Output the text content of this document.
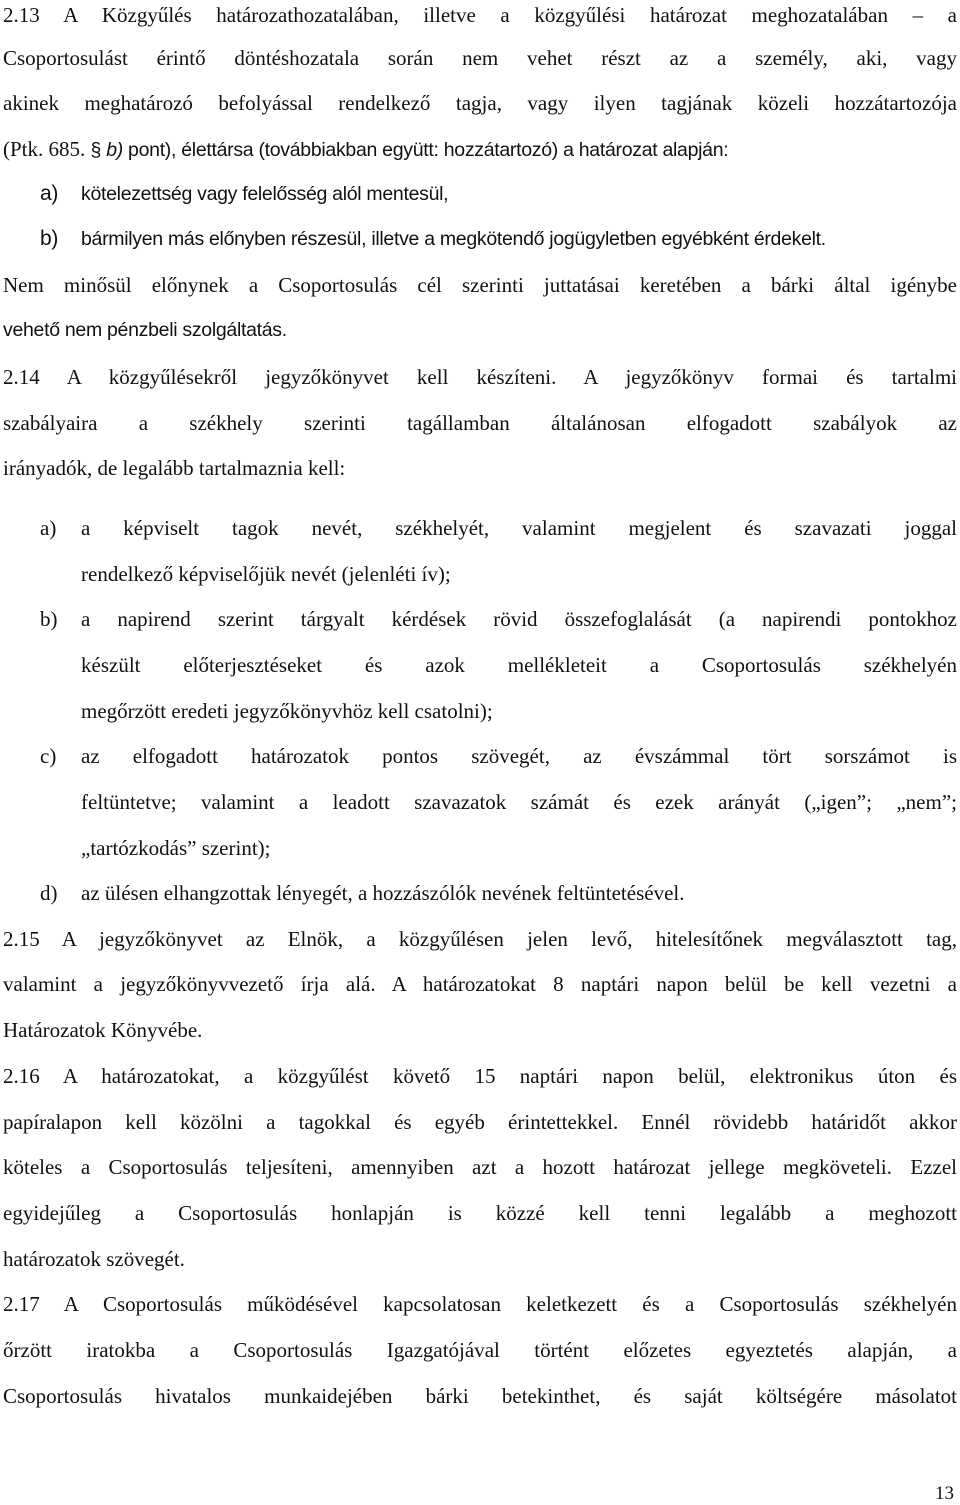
2.13 A Közgyűlés határozathozatalában, illetve a közgyűlési határozat meghozatalában – a
Csoportosulást érintő döntéshozatala során nem vehet részt az a személy, aki, vagy
akinek meghatározó befolyással rendelkező tagja, vagy ilyen tagjának közeli hozzátartozója
(Ptk. 685. § b) pont), élettársa (továbbiakban együtt: hozzátartozó) a határozat alapján:
a) kötelezettség vagy felelősség alól mentesül,
b) bármilyen más előnyben részesül, illetve a megkötendő jogügyletben egyébként érdekelt.
Nem minősül előnynek a Csoportosulás cél szerinti juttatásai keretében a bárki által igénybe
vehető nem pénzbeli szolgáltatás.
2.14 A közgyűlésekről jegyzőkönyvet kell készíteni. A jegyzőkönyv formai és tartalmi
szabályaira a székhely szerinti tagállamban általánosan elfogadott szabályok az
irányadók, de legalább tartalmaznia kell:
a) a képviselt tagok nevét, székhelyét, valamint megjelent és szavazati joggal
rendelkező képviselőjük nevét (jelenléti ív);
b) a napirend szerint tárgyalt kérdések rövid összefoglalását (a napirendi pontokhoz
készült előterjesztéseket és azok mellékleteit a Csoportosulás székhelyén
megőrzött eredeti jegyzőkönyvhöz kell csatolni);
c) az elfogadott határozatok pontos szövegét, az évszámmal tört sorszámot is
feltüntetve; valamint a leadott szavazatok számát és ezek arányát („igen”; „nem”;
„tartózkodás” szerint);
d) az ülésen elhangzottak lényegét, a hozzászólók nevének feltüntetésével.
2.15 A jegyzőkönyvet az Elnök, a közgyűlésen jelen levő, hitelesítőnek megválasztott tag,
valamint a jegyzőkönyvvezető írja alá. A határozatokat 8 naptári napon belül be kell vezetni a
Határozatok Könyvébe.
2.16 A határozatokat, a közgyűlést követő 15 naptári napon belül, elektronikus úton és
papíralapon kell közölni a tagokkal és egyéb érintettekkel. Ennél rövidebb határidőt akkor
köteles a Csoportosulás teljesíteni, amennyiben azt a hozott határozat jellege megköveteli. Ezzel
egyidejűleg a Csoportosulás honlapján is közzé kell tenni legalább a meghozott
határozatok szövegét.
2.17 A Csoportosulás működésével kapcsolatosan keletkezett és a Csoportosulás székhelyén
őrzött iratokba a Csoportosulás Igazgatójával történt előzetes egyeztetés alapján, a
Csoportosulás hivatalos munkaidejében bárki betekinthet, és saját költségére másolatot
13
